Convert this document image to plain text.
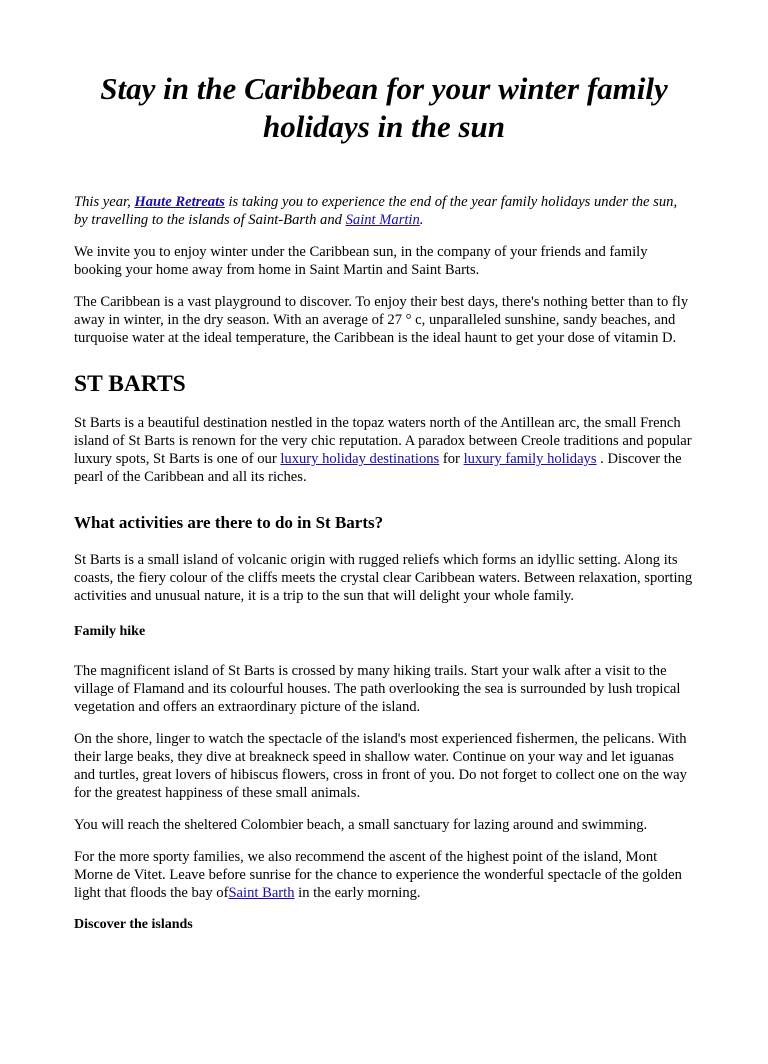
Stay in the Caribbean for your winter family holidays in the sun

This year, Haute Retreats is taking you to experience the end of the year family holidays under the sun, by travelling to the islands of Saint-Barth and Saint Martin.

We invite you to enjoy winter under the Caribbean sun, in the company of your friends and family booking your home away from home in Saint Martin and Saint Barts.

The Caribbean is a vast playground to discover. To enjoy their best days, there's nothing better than to fly away in winter, in the dry season. With an average of 27 ° c, unparalleled sunshine, sandy beaches, and turquoise water at the ideal temperature, the Caribbean is the ideal haunt to get your dose of vitamin D.

ST BARTS

St Barts is a beautiful destination nestled in the topaz waters north of the Antillean arc, the small French island of St Barts is renown for the very chic reputation. A paradox between Creole traditions and popular luxury spots, St Barts is one of our luxury holiday destinations for luxury family holidays . Discover the pearl of the Caribbean and all its riches.

What activities are there to do in St Barts?

St Barts is a small island of volcanic origin with rugged reliefs which forms an idyllic setting. Along its coasts, the fiery colour of the cliffs meets the crystal clear Caribbean waters. Between relaxation, sporting activities and unusual nature, it is a trip to the sun that will delight your whole family.

Family hike

The magnificent island of St Barts is crossed by many hiking trails. Start your walk after a visit to the village of Flamand and its colourful houses. The path overlooking the sea is surrounded by lush tropical vegetation and offers an extraordinary picture of the island.

On the shore, linger to watch the spectacle of the island's most experienced fishermen, the pelicans. With their large beaks, they dive at breakneck speed in shallow water. Continue on your way and let iguanas and turtles, great lovers of hibiscus flowers, cross in front of you. Do not forget to collect one on the way for the greatest happiness of these small animals.

You will reach the sheltered Colombier beach, a small sanctuary for lazing around and swimming.

For the more sporty families, we also recommend the ascent of the highest point of the island, Mont Morne de Vitet. Leave before sunrise for the chance to experience the wonderful spectacle of the golden light that floods the bay ofSaint Barth in the early morning.

Discover the islands
